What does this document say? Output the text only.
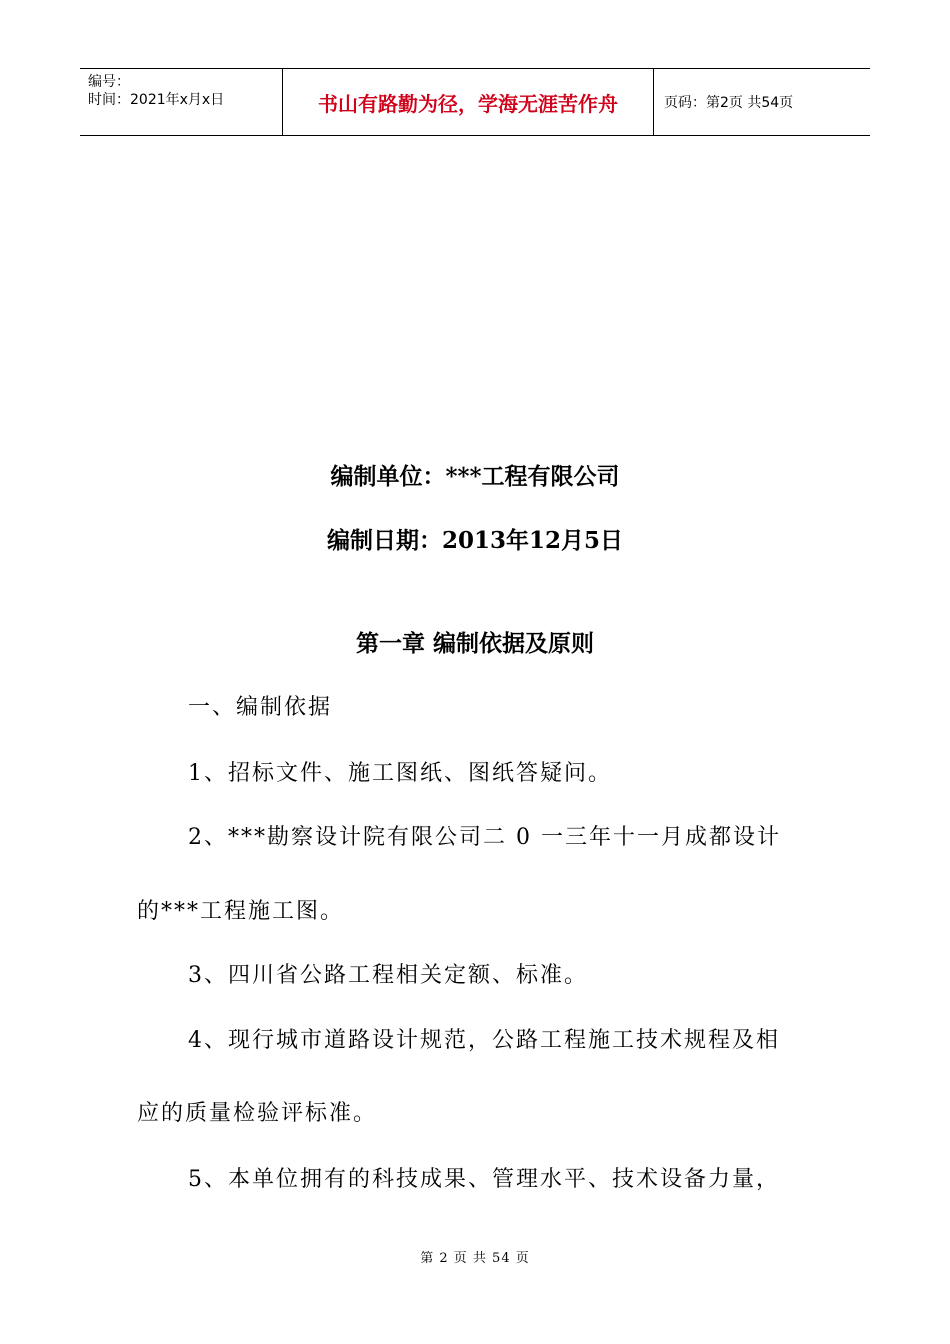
编号：
时间：2021年x月x日	书山有路勤为径，学海无涯苦作舟	页码：第2页 共54页
编制单位：***工程有限公司
编制日期：2013年12月5日
第一章 编制依据及原则
一、编制依据
1、招标文件、施工图纸、图纸答疑问。
2、***勘察设计院有限公司二 0 一三年十一月成都设计
的***工程施工图。
3、四川省公路工程相关定额、标准。
4、现行城市道路设计规范，公路工程施工技术规程及相
应的质量检验评标准。
5、本单位拥有的科技成果、管理水平、技术设备力量，
第 2 页 共 54 页
